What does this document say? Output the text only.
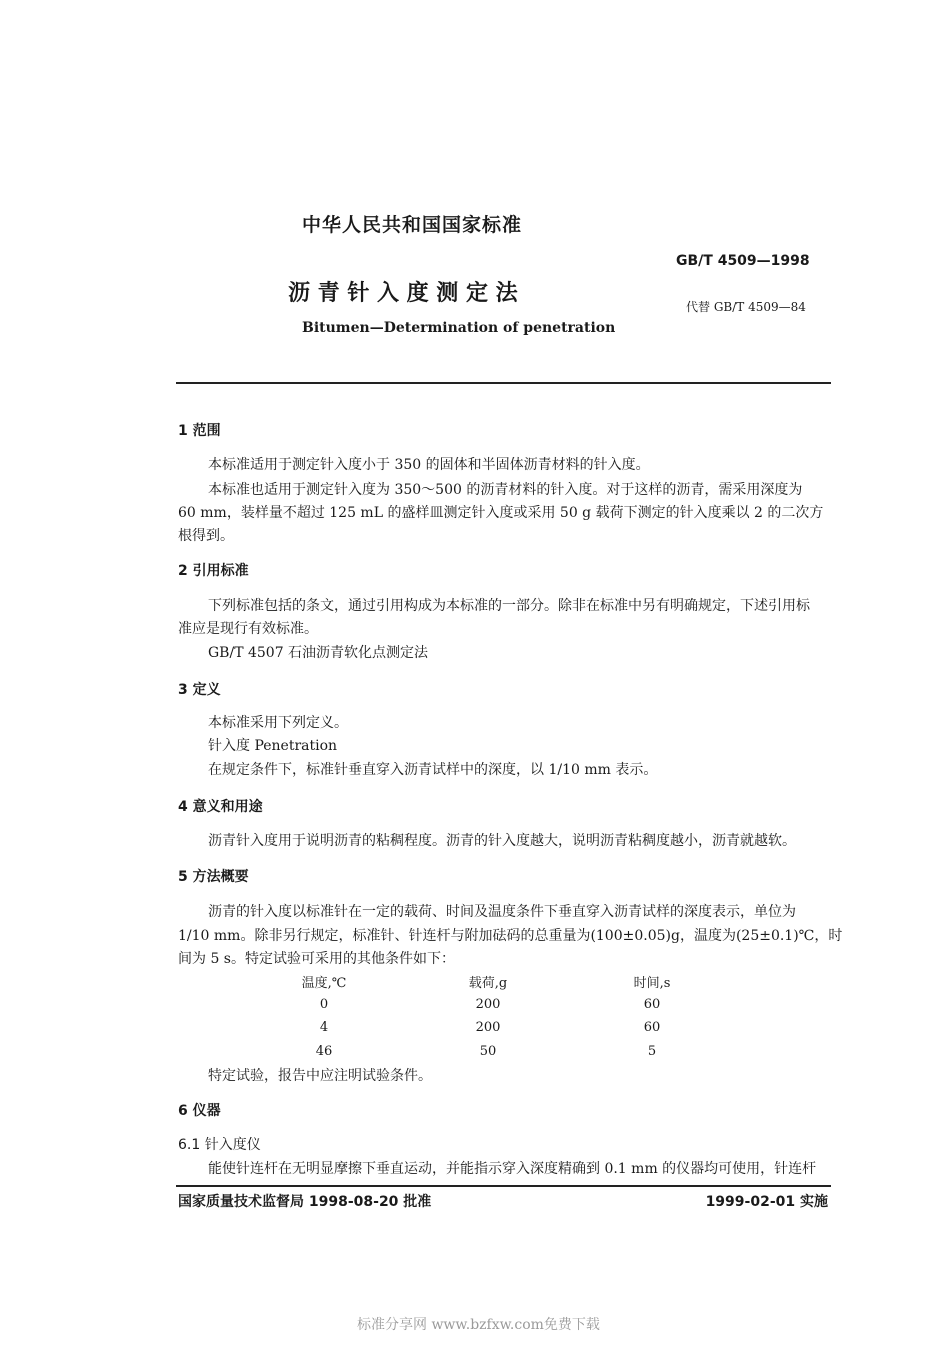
中华人民共和国国家标准
GB/T 4509—1998
沥 青 针 入 度 测 定 法
代替 GB/T 4509—84
Bitumen—Determination of penetration
1 范围
本标准适用于测定针入度小于 350 的固体和半固体沥青材料的针入度。
本标准也适用于测定针入度为 350～500 的沥青材料的针入度。对于这样的沥青，需采用深度为
60 mm，装样量不超过 125 mL 的盛样皿测定针入度或采用 50 g 载荷下测定的针入度乘以 2 的二次方
根得到。
2 引用标准
下列标准包括的条文，通过引用构成为本标准的一部分。除非在标准中另有明确规定，下述引用标
准应是现行有效标准。
GB/T 4507 石油沥青软化点测定法
3 定义
本标准采用下列定义。
针入度 Penetration
在规定条件下，标准针垂直穿入沥青试样中的深度，以 1/10 mm 表示。
4 意义和用途
沥青针入度用于说明沥青的粘稠程度。沥青的针入度越大，说明沥青粘稠度越小，沥青就越软。
5 方法概要
沥青的针入度以标准针在一定的载荷、时间及温度条件下垂直穿入沥青试样的深度表示，单位为
1/10 mm。除非另行规定，标准针、针连杆与附加砝码的总重量为(100±0.05)g，温度为(25±0.1)℃，时
间为 5 s。特定试验可采用的其他条件如下：
温度,℃	载荷,g	时间,s
0	200	60
4	200	60
46	50	5
特定试验，报告中应注明试验条件。
6 仪器
6.1 针入度仪
能使针连杆在无明显摩擦下垂直运动，并能指示穿入深度精确到 0.1 mm 的仪器均可使用，针连杆
国家质量技术监督局 1998-08-20 批准	1999-02-01 实施
标准分享网 www.bzfxw.com免费下载
